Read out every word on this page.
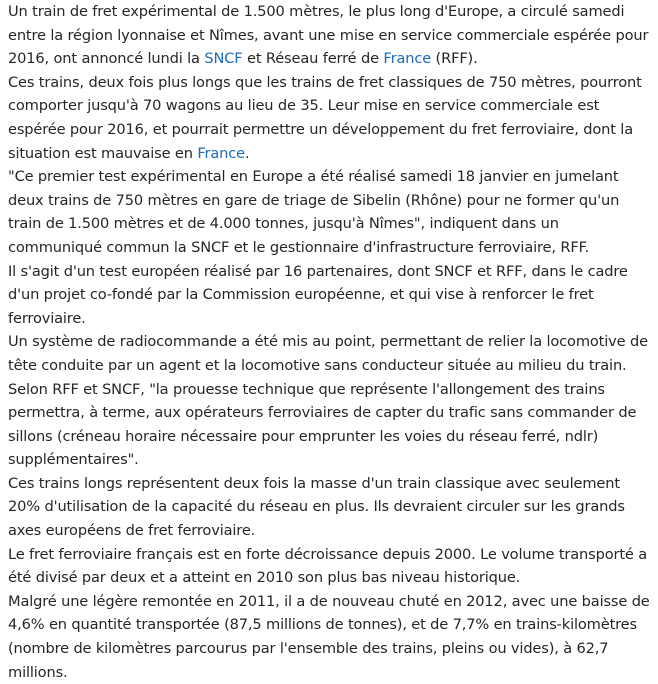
Un train de fret expérimental de 1.500 mètres, le plus long d'Europe, a circulé samedi entre la région lyonnaise et Nîmes, avant une mise en service commerciale espérée pour 2016, ont annoncé lundi la SNCF et Réseau ferré de France (RFF).

Ces trains, deux fois plus longs que les trains de fret classiques de 750 mètres, pourront comporter jusqu'à 70 wagons au lieu de 35. Leur mise en service commerciale est espérée pour 2016, et pourrait permettre un développement du fret ferroviaire, dont la situation est mauvaise en France.

"Ce premier test expérimental en Europe a été réalisé samedi 18 janvier en jumelant deux trains de 750 mètres en gare de triage de Sibelin (Rhône) pour ne former qu'un train de 1.500 mètres et de 4.000 tonnes, jusqu'à Nîmes", indiquent dans un communiqué commun la SNCF et le gestionnaire d'infrastructure ferroviaire, RFF.

Il s'agit d'un test européen réalisé par 16 partenaires, dont SNCF et RFF, dans le cadre d'un projet co-fondé par la Commission européenne, et qui vise à renforcer le fret ferroviaire.

Un système de radiocommande a été mis au point, permettant de relier la locomotive de tête conduite par un agent et la locomotive sans conducteur située au milieu du train.

Selon RFF et SNCF, "la prouesse technique que représente l'allongement des trains permettra, à terme, aux opérateurs ferroviaires de capter du trafic sans commander de sillons (créneau horaire nécessaire pour emprunter les voies du réseau ferré, ndlr) supplémentaires".

Ces trains longs représentent deux fois la masse d'un train classique avec seulement 20% d'utilisation de la capacité du réseau en plus. Ils devraient circuler sur les grands axes européens de fret ferroviaire.

Le fret ferroviaire français est en forte décroissance depuis 2000. Le volume transporté a été divisé par deux et a atteint en 2010 son plus bas niveau historique.

Malgré une légère remontée en 2011, il a de nouveau chuté en 2012, avec une baisse de 4,6% en quantité transportée (87,5 millions de tonnes), et de 7,7% en trains-kilomètres (nombre de kilomètres parcourus par l'ensemble des trains, pleins ou vides), à 62,7 millions.
